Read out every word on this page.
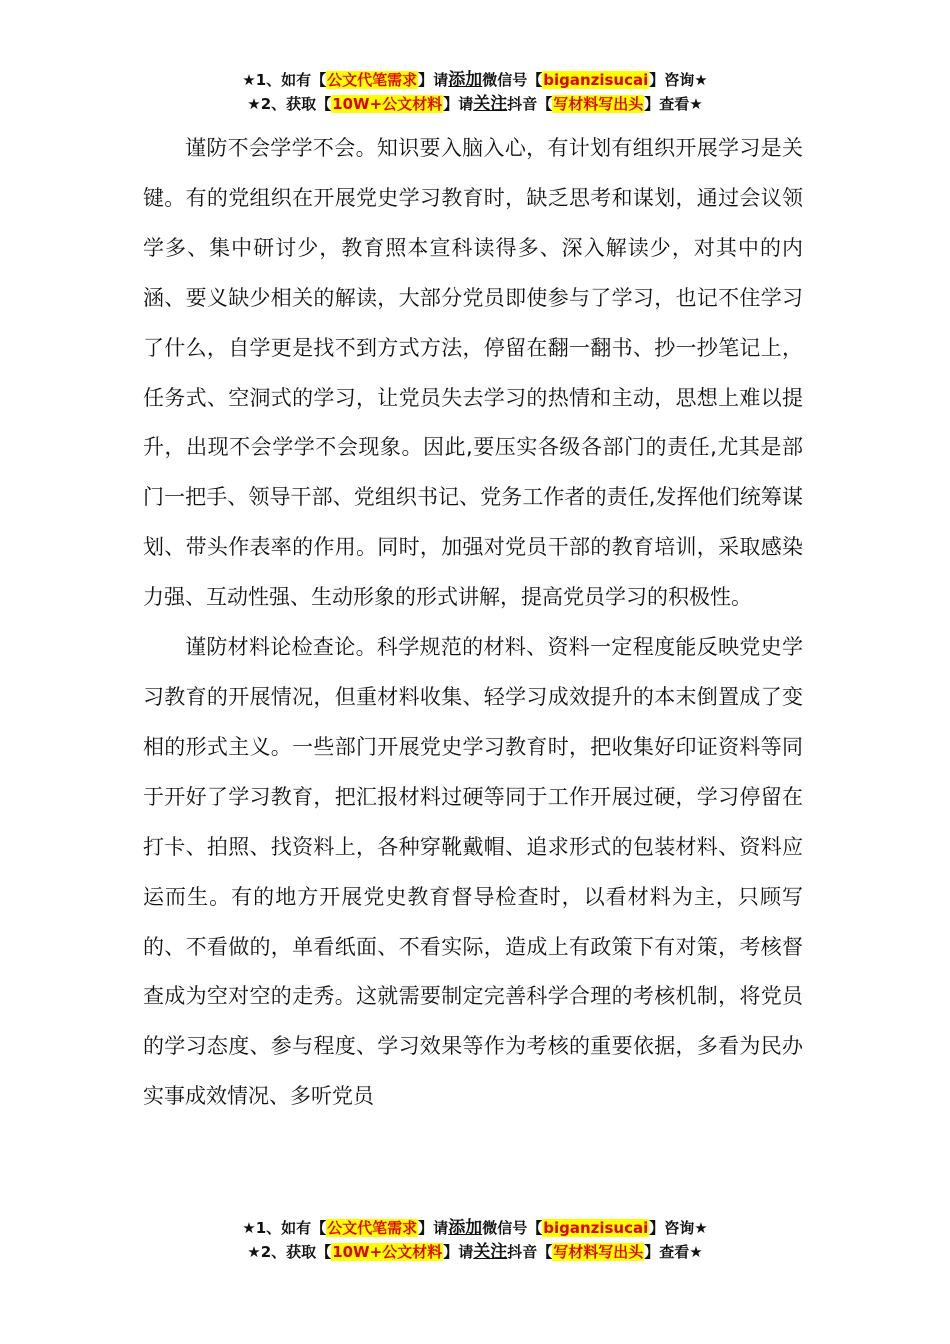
★1、如有【公文代笔需求】请添加微信号【biganzisucai】咨询★
★2、获取【10W+公文材料】请关注抖音【写材料写出头】查看★

谨防不会学学不会。知识要入脑入心，有计划有组织开展学习是关键。有的党组织在开展党史学习教育时，缺乏思考和谋划，通过会议领学多、集中研讨少，教育照本宣科读得多、深入解读少，对其中的内涵、要义缺少相关的解读，大部分党员即使参与了学习，也记不住学习了什么，自学更是找不到方式方法，停留在翻一翻书、抄一抄笔记上，任务式、空洞式的学习，让党员失去学习的热情和主动，思想上难以提升，出现不会学学不会现象。因此,要压实各级各部门的责任,尤其是部门一把手、领导干部、党组织书记、党务工作者的责任,发挥他们统筹谋划、带头作表率的作用。同时，加强对党员干部的教育培训，采取感染力强、互动性强、生动形象的形式讲解，提高党员学习的积极性。

谨防材料论检查论。科学规范的材料、资料一定程度能反映党史学习教育的开展情况，但重材料收集、轻学习成效提升的本末倒置成了变相的形式主义。一些部门开展党史学习教育时，把收集好印证资料等同于开好了学习教育，把汇报材料过硬等同于工作开展过硬，学习停留在打卡、拍照、找资料上，各种穿靴戴帽、追求形式的包装材料、资料应运而生。有的地方开展党史教育督导检查时，以看材料为主，只顾写的、不看做的，单看纸面、不看实际，造成上有政策下有对策，考核督查成为空对空的走秀。这就需要制定完善科学合理的考核机制，将党员的学习态度、参与程度、学习效果等作为考核的重要依据，多看为民办实事成效情况、多听党员

★1、如有【公文代笔需求】请添加微信号【biganzisucai】咨询★
★2、获取【10W+公文材料】请关注抖音【写材料写出头】查看★
